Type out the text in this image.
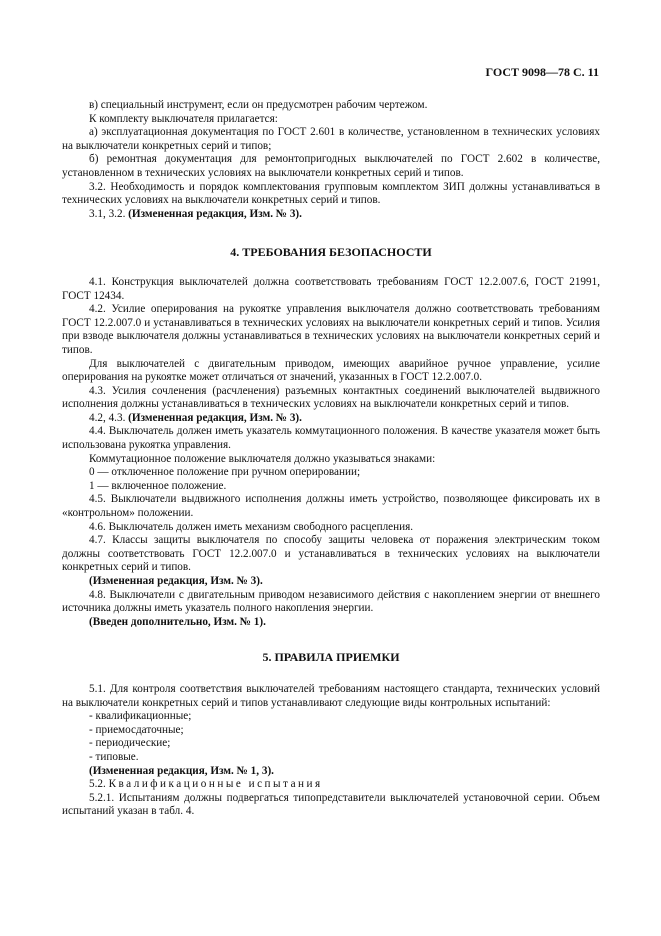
ГОСТ 9098—78 С. 11

в) специальный инструмент, если он предусмотрен рабочим чертежом.

К комплекту выключателя прилагается:

а) эксплуатационная документация по ГОСТ 2.601 в количестве, установленном в технических условиях на выключатели конкретных серий и типов;

б) ремонтная документация для ремонтопригодных выключателей по ГОСТ 2.602 в количестве, установленном в технических условиях на выключатели конкретных серий и типов.

3.2. Необходимость и порядок комплектования групповым комплектом ЗИП должны устанавливаться в технических условиях на выключатели конкретных серий и типов.

3.1, 3.2. (Измененная редакция, Изм. № 3).

4. ТРЕБОВАНИЯ БЕЗОПАСНОСТИ

4.1. Конструкция выключателей должна соответствовать требованиям ГОСТ 12.2.007.6, ГОСТ 21991, ГОСТ 12434.

4.2. Усилие оперирования на рукоятке управления выключателя должно соответствовать требованиям ГОСТ 12.2.007.0 и устанавливаться в технических условиях на выключатели конкретных серий и типов. Усилия при взводе выключателя должны устанавливаться в технических условиях на выключатели конкретных серий и типов.

Для выключателей с двигательным приводом, имеющих аварийное ручное управление, усилие оперирования на рукоятке может отличаться от значений, указанных в ГОСТ 12.2.007.0.

4.3. Усилия сочленения (расчленения) разъемных контактных соединений выключателей выдвижного исполнения должны устанавливаться в технических условиях на выключатели конкретных серий и типов.

4.2, 4.3. (Измененная редакция, Изм. № 3).

4.4. Выключатель должен иметь указатель коммутационного положения. В качестве указателя может быть использована рукоятка управления.

Коммутационное положение выключателя должно указываться знаками:

0 — отключенное положение при ручном оперировании;

1 — включенное положение.

4.5. Выключатели выдвижного исполнения должны иметь устройство, позволяющее фиксировать их в «контрольном» положении.

4.6. Выключатель должен иметь механизм свободного расцепления.

4.7. Классы защиты выключателя по способу защиты человека от поражения электрическим током должны соответствовать ГОСТ 12.2.007.0 и устанавливаться в технических условиях на выключатели конкретных серий и типов.

(Измененная редакция, Изм. № 3).

4.8. Выключатели с двигательным приводом независимого действия с накоплением энергии от внешнего источника должны иметь указатель полного накопления энергии.

(Введен дополнительно, Изм. № 1).

5. ПРАВИЛА ПРИЕМКИ

5.1. Для контроля соответствия выключателей требованиям настоящего стандарта, технических условий на выключатели конкретных серий и типов устанавливают следующие виды контрольных испытаний:

- квалификационные;

- приемосдаточные;

- периодические;

- типовые.

(Измененная редакция, Изм. № 1, 3).

5.2. Квалификационные испытания

5.2.1. Испытаниям должны подвергаться типопредставители выключателей установочной серии. Объем испытаний указан в табл. 4.
